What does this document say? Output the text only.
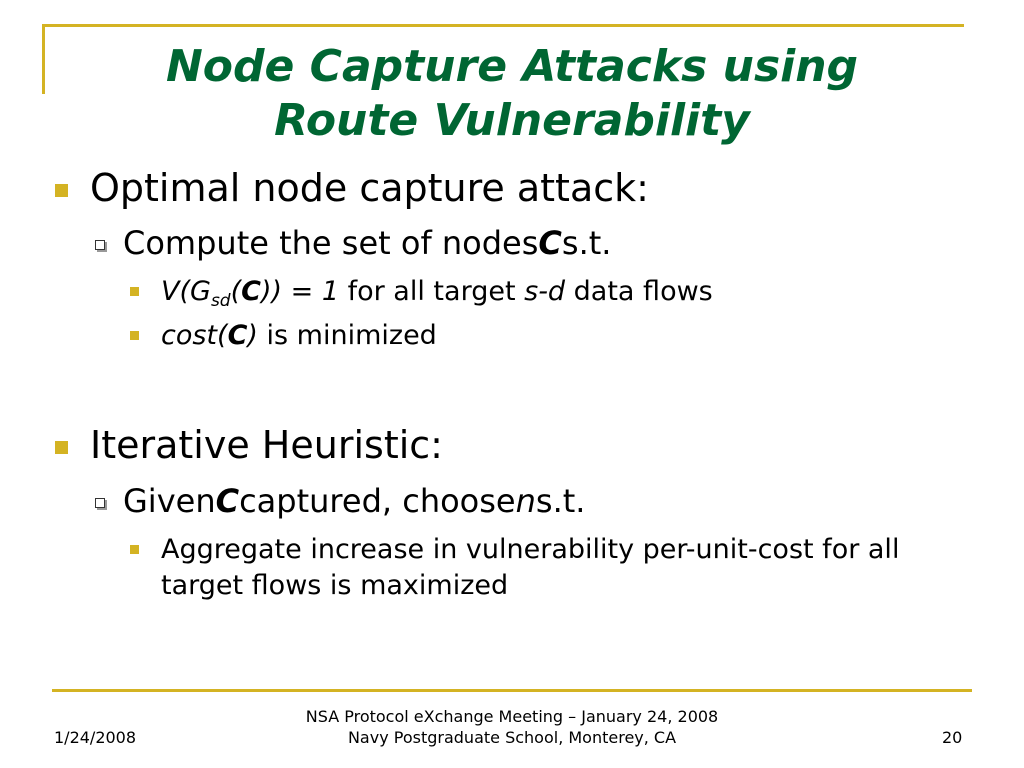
Node Capture Attacks using
Route Vulnerability
Optimal node capture attack:
Compute the set of nodes C s.t.
$V(G_{sd}(C)) = 1$ for all target s-d data flows
cost(C) is minimized
Iterative Heuristic:
Given C captured, choose n s.t.
Aggregate increase in vulnerability per-unit-cost for all target flows is maximized
1/24/2008
NSA Protocol eXchange Meeting – January 24, 2008
Navy Postgraduate School, Monterey, CA	20
